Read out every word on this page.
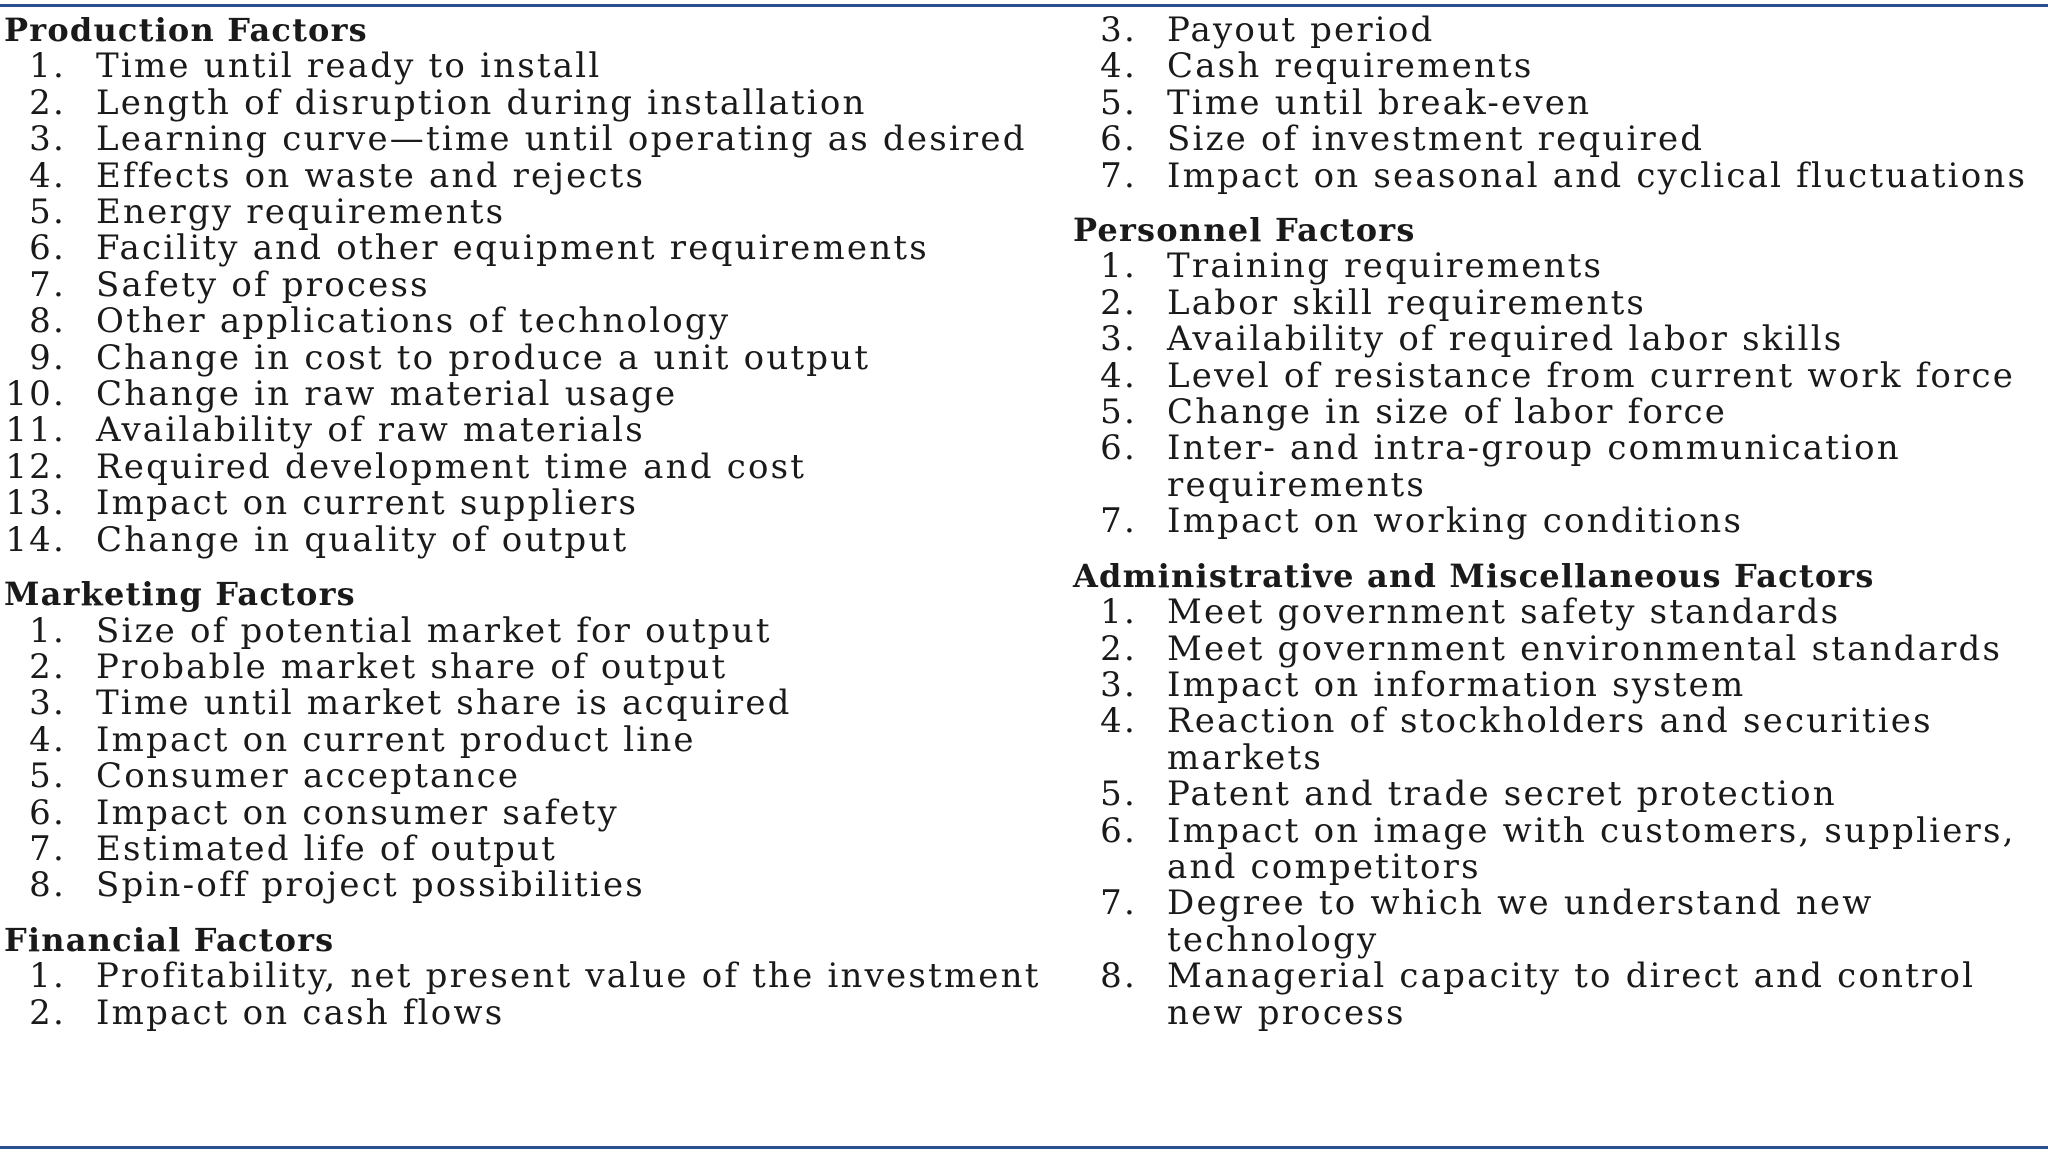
Production Factors
1. Time until ready to install
2. Length of disruption during installation
3. Learning curve—time until operating as desired
4. Effects on waste and rejects
5. Energy requirements
6. Facility and other equipment requirements
7. Safety of process
8. Other applications of technology
9. Change in cost to produce a unit output
10. Change in raw material usage
11. Availability of raw materials
12. Required development time and cost
13. Impact on current suppliers
14. Change in quality of output
Marketing Factors
1. Size of potential market for output
2. Probable market share of output
3. Time until market share is acquired
4. Impact on current product line
5. Consumer acceptance
6. Impact on consumer safety
7. Estimated life of output
8. Spin-off project possibilities
Financial Factors
1. Profitability, net present value of the investment
2. Impact on cash flows
3. Payout period
4. Cash requirements
5. Time until break-even
6. Size of investment required
7. Impact on seasonal and cyclical fluctuations
Personnel Factors
1. Training requirements
2. Labor skill requirements
3. Availability of required labor skills
4. Level of resistance from current work force
5. Change in size of labor force
6. Inter- and intra-group communication requirements
7. Impact on working conditions
Administrative and Miscellaneous Factors
1. Meet government safety standards
2. Meet government environmental standards
3. Impact on information system
4. Reaction of stockholders and securities markets
5. Patent and trade secret protection
6. Impact on image with customers, suppliers, and competitors
7. Degree to which we understand new technology
8. Managerial capacity to direct and control new process
